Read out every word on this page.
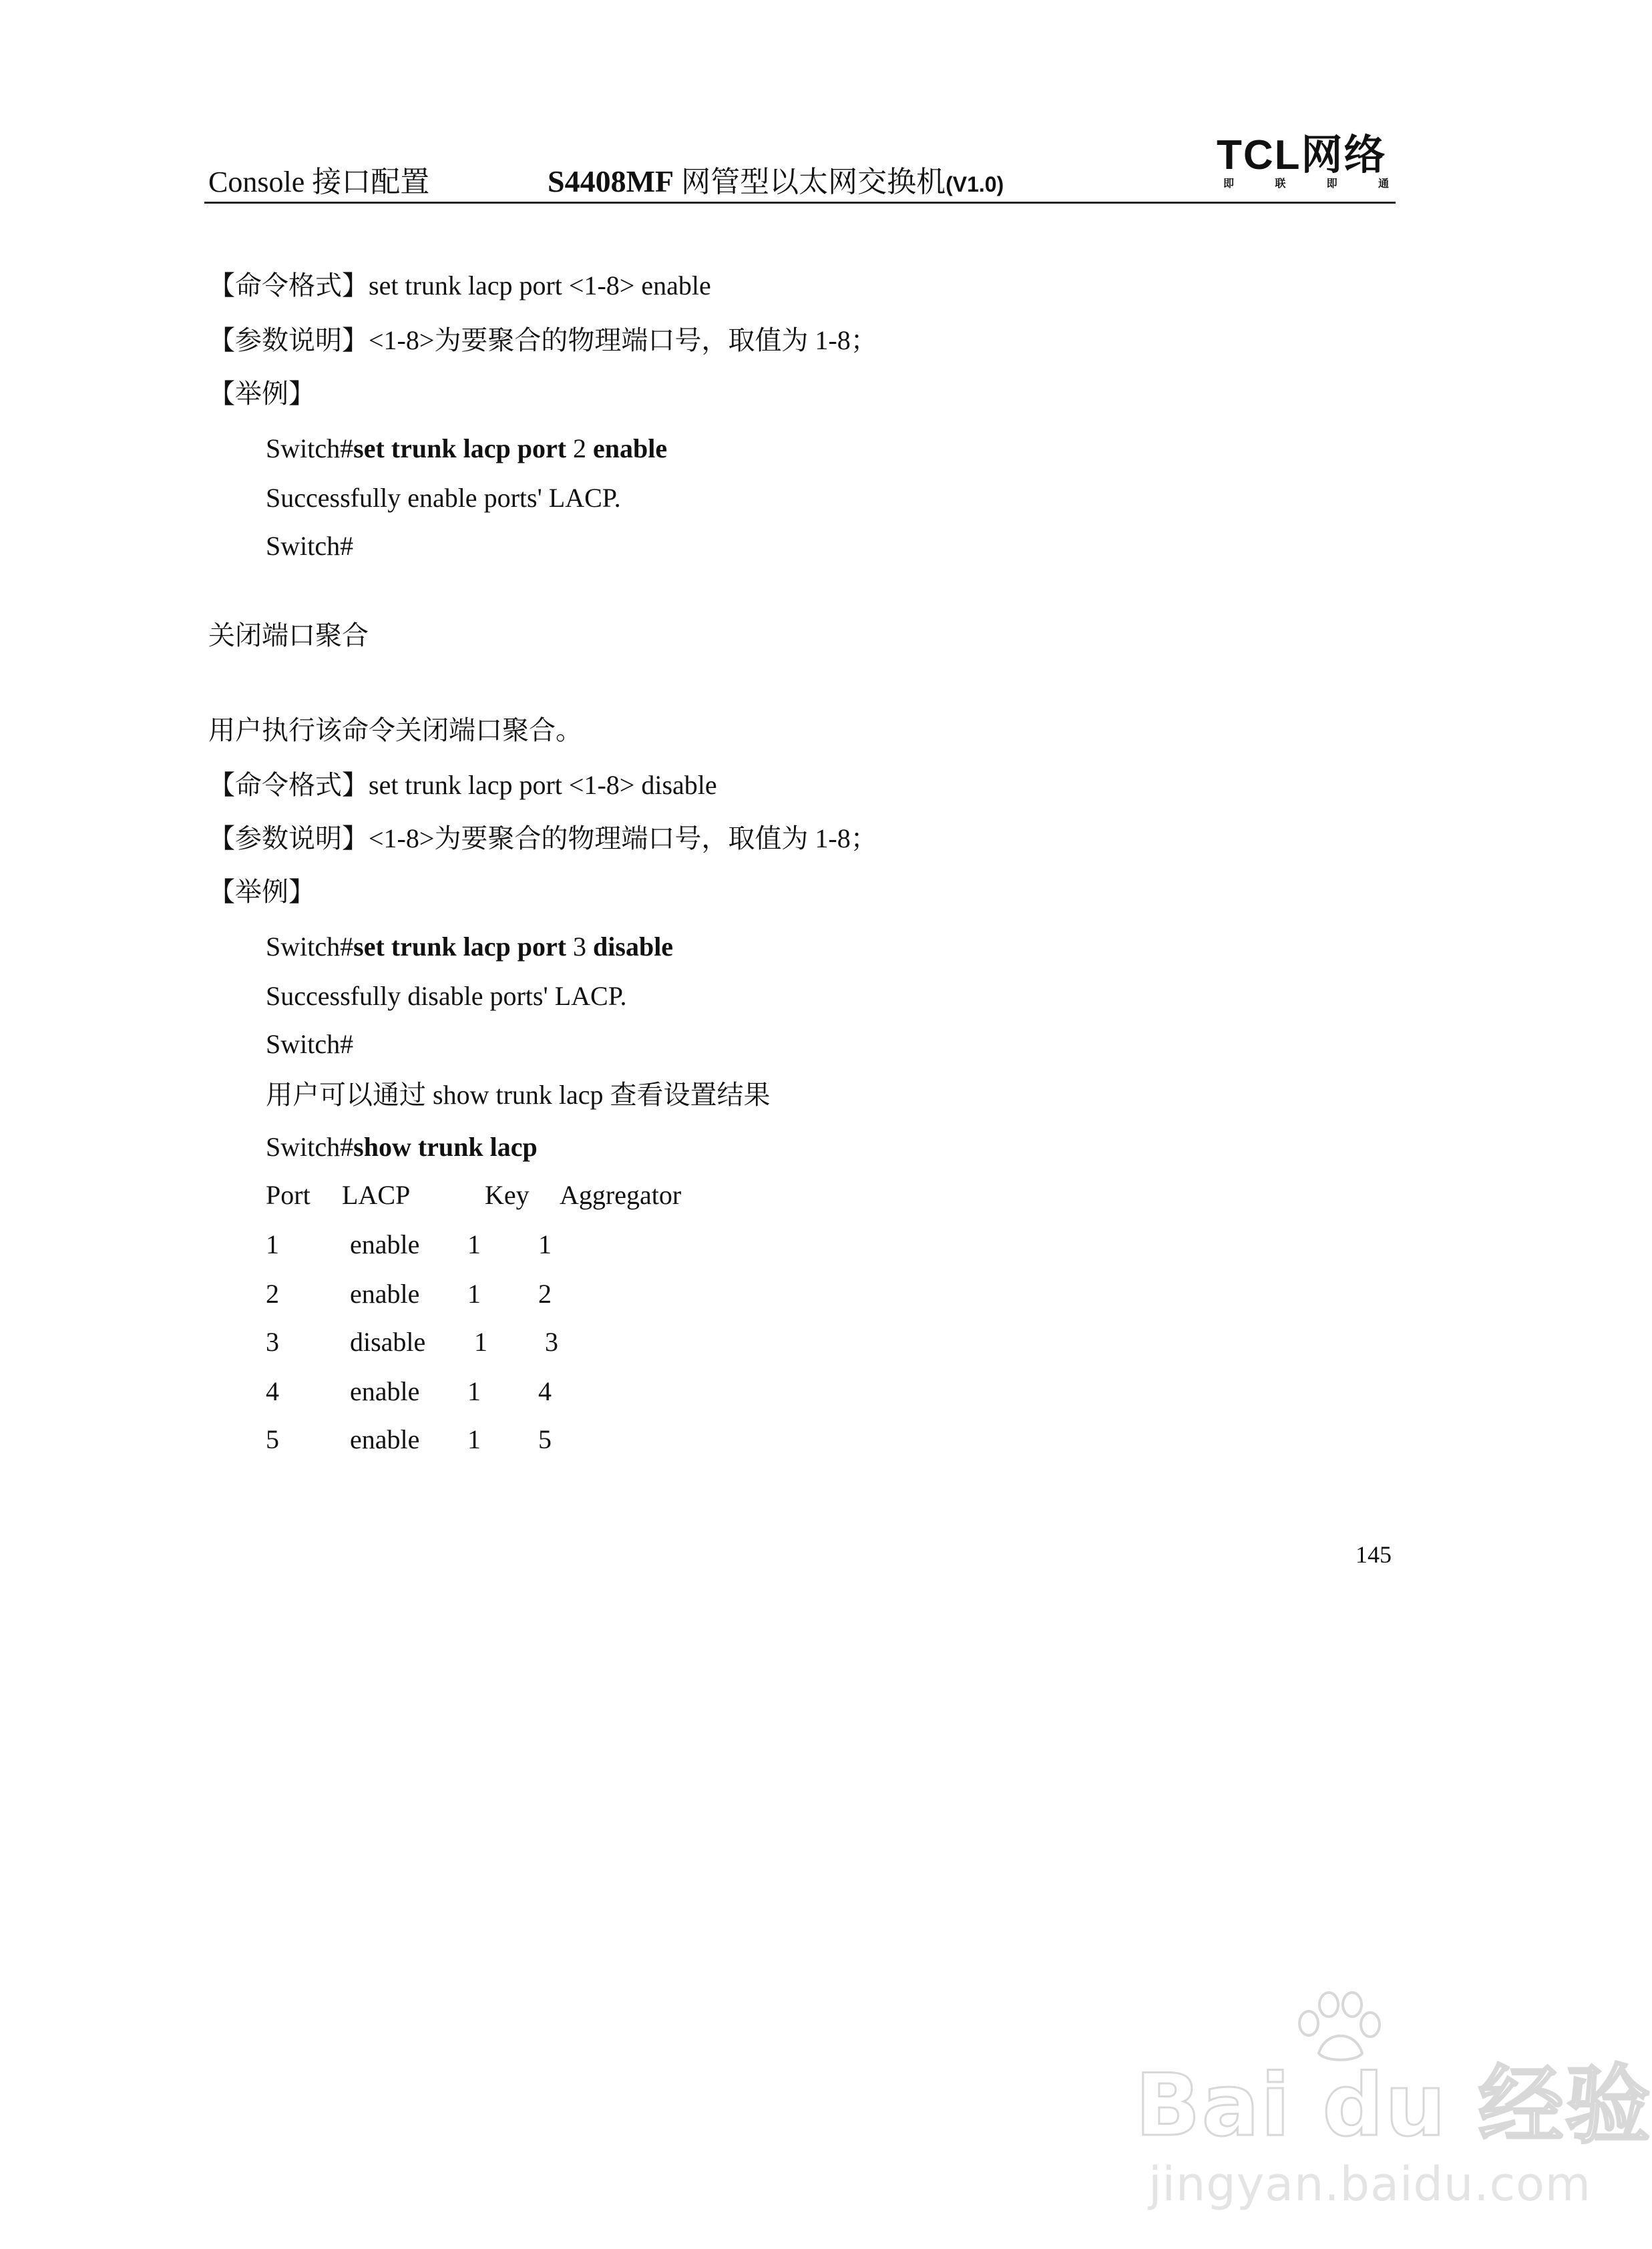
Console 接口配置	S4408MF 网管型以太网交换机(V1.0)

TCL网络

即	联	即	通

【命令格式】set trunk lacp port <1-8> enable
【参数说明】<1-8>为要聚合的物理端口号，取值为 1-8；
【举例】
Switch#set trunk lacp port 2 enable
Successfully enable ports' LACP.
Switch#
关闭端口聚合
用户执行该命令关闭端口聚合。
【命令格式】set trunk lacp port <1-8> disable
【参数说明】<1-8>为要聚合的物理端口号，取值为 1-8；
【举例】
Switch#set trunk lacp port 3 disable
Successfully disable ports' LACP.
Switch#
用户可以通过 show trunk lacp 查看设置结果
Switch#show trunk lacp
Port LACP	Key Aggregator
1	enable 1 1
2	enable 1 2
3	disable 1 3
4	enable 1 4
5	enable 1 5
145

Bai du 经验

jingyan.baidu.com
